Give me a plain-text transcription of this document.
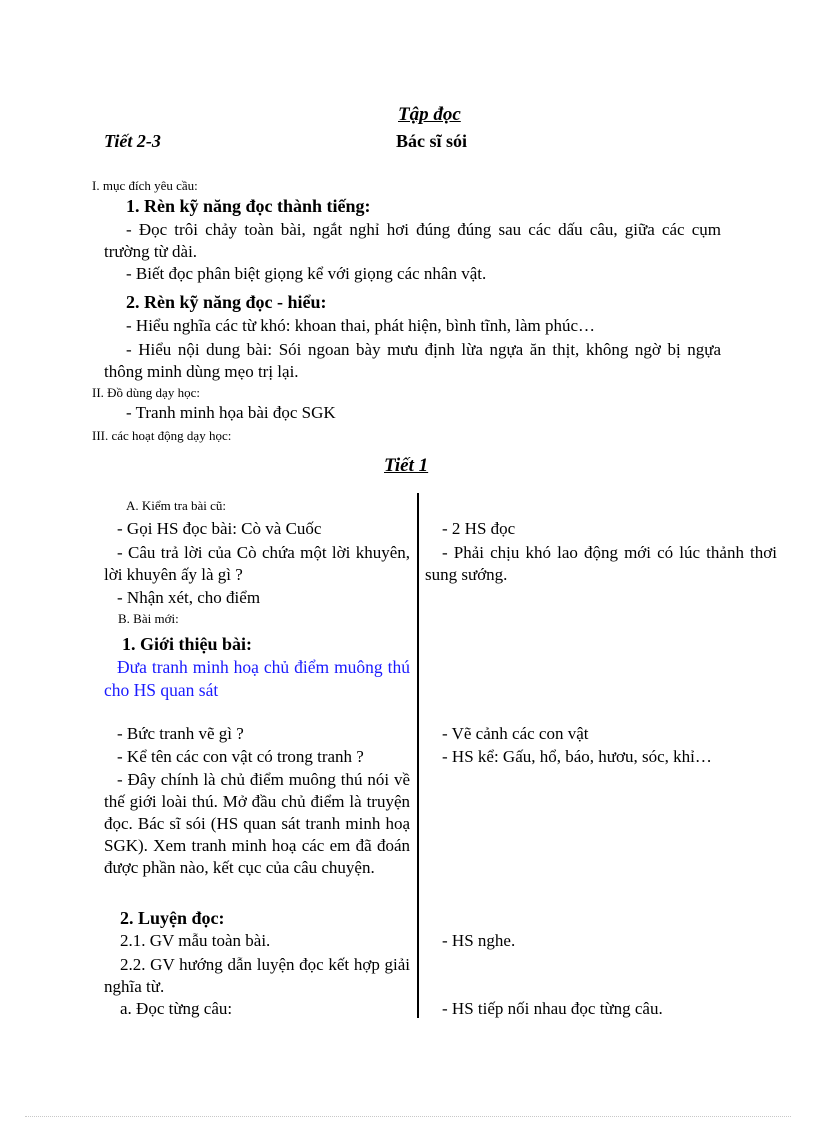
Tập đọc
Tiết 2-3	Bác sĩ sói
I. mục đích yêu cầu:
1. Rèn kỹ năng đọc thành tiếng:
- Đọc trôi chảy toàn bài, ngắt nghỉ hơi đúng đúng sau các dấu câu, giữa các cụm trường từ dài.
- Biết đọc phân biệt giọng kể với giọng các nhân vật.
2. Rèn kỹ năng đọc - hiểu:
- Hiểu nghĩa các từ khó: khoan thai, phát hiện, bình tĩnh, làm phúc…
- Hiểu nội dung bài: Sói ngoan bày mưu định lừa ngựa ăn thịt, không ngờ bị ngựa thông minh dùng mẹo trị lại.
II. Đồ dùng dạy học:
- Tranh minh họa bài đọc SGK
III. các hoạt động dạy học:
Tiết 1
A. Kiểm tra bài cũ:
- Gọi HS đọc bài: Cò và Cuốc
- Câu trả lời của Cò chứa một lời khuyên, lời khuyên ấy là gì ?
- Nhận xét, cho điểm
B. Bài mới:
1. Giới thiệu bài:
Đưa tranh minh hoạ chủ điểm muông thú cho HS quan sát
- Bức tranh vẽ gì ?
- Kể tên các con vật có trong tranh ?
- Đây chính là chủ điểm muông thú nói về thế giới loài thú. Mở đầu chủ điểm là truyện đọc. Bác sĩ sói (HS quan sát tranh minh hoạ SGK). Xem tranh minh hoạ các em đã đoán được phần nào, kết cục của câu chuyện.
2. Luyện đọc:
2.1. GV mẫu toàn bài.
2.2. GV hướng dẫn luyện đọc kết hợp giải nghĩa từ.
a. Đọc từng câu:
- 2 HS đọc
- Phải chịu khó lao động mới có lúc thảnh thơi sung sướng.
- Vẽ cảnh các con vật
- HS kể: Gấu, hổ, báo, hươu, sóc, khỉ…
- HS nghe.
- HS tiếp nối nhau đọc từng câu.
